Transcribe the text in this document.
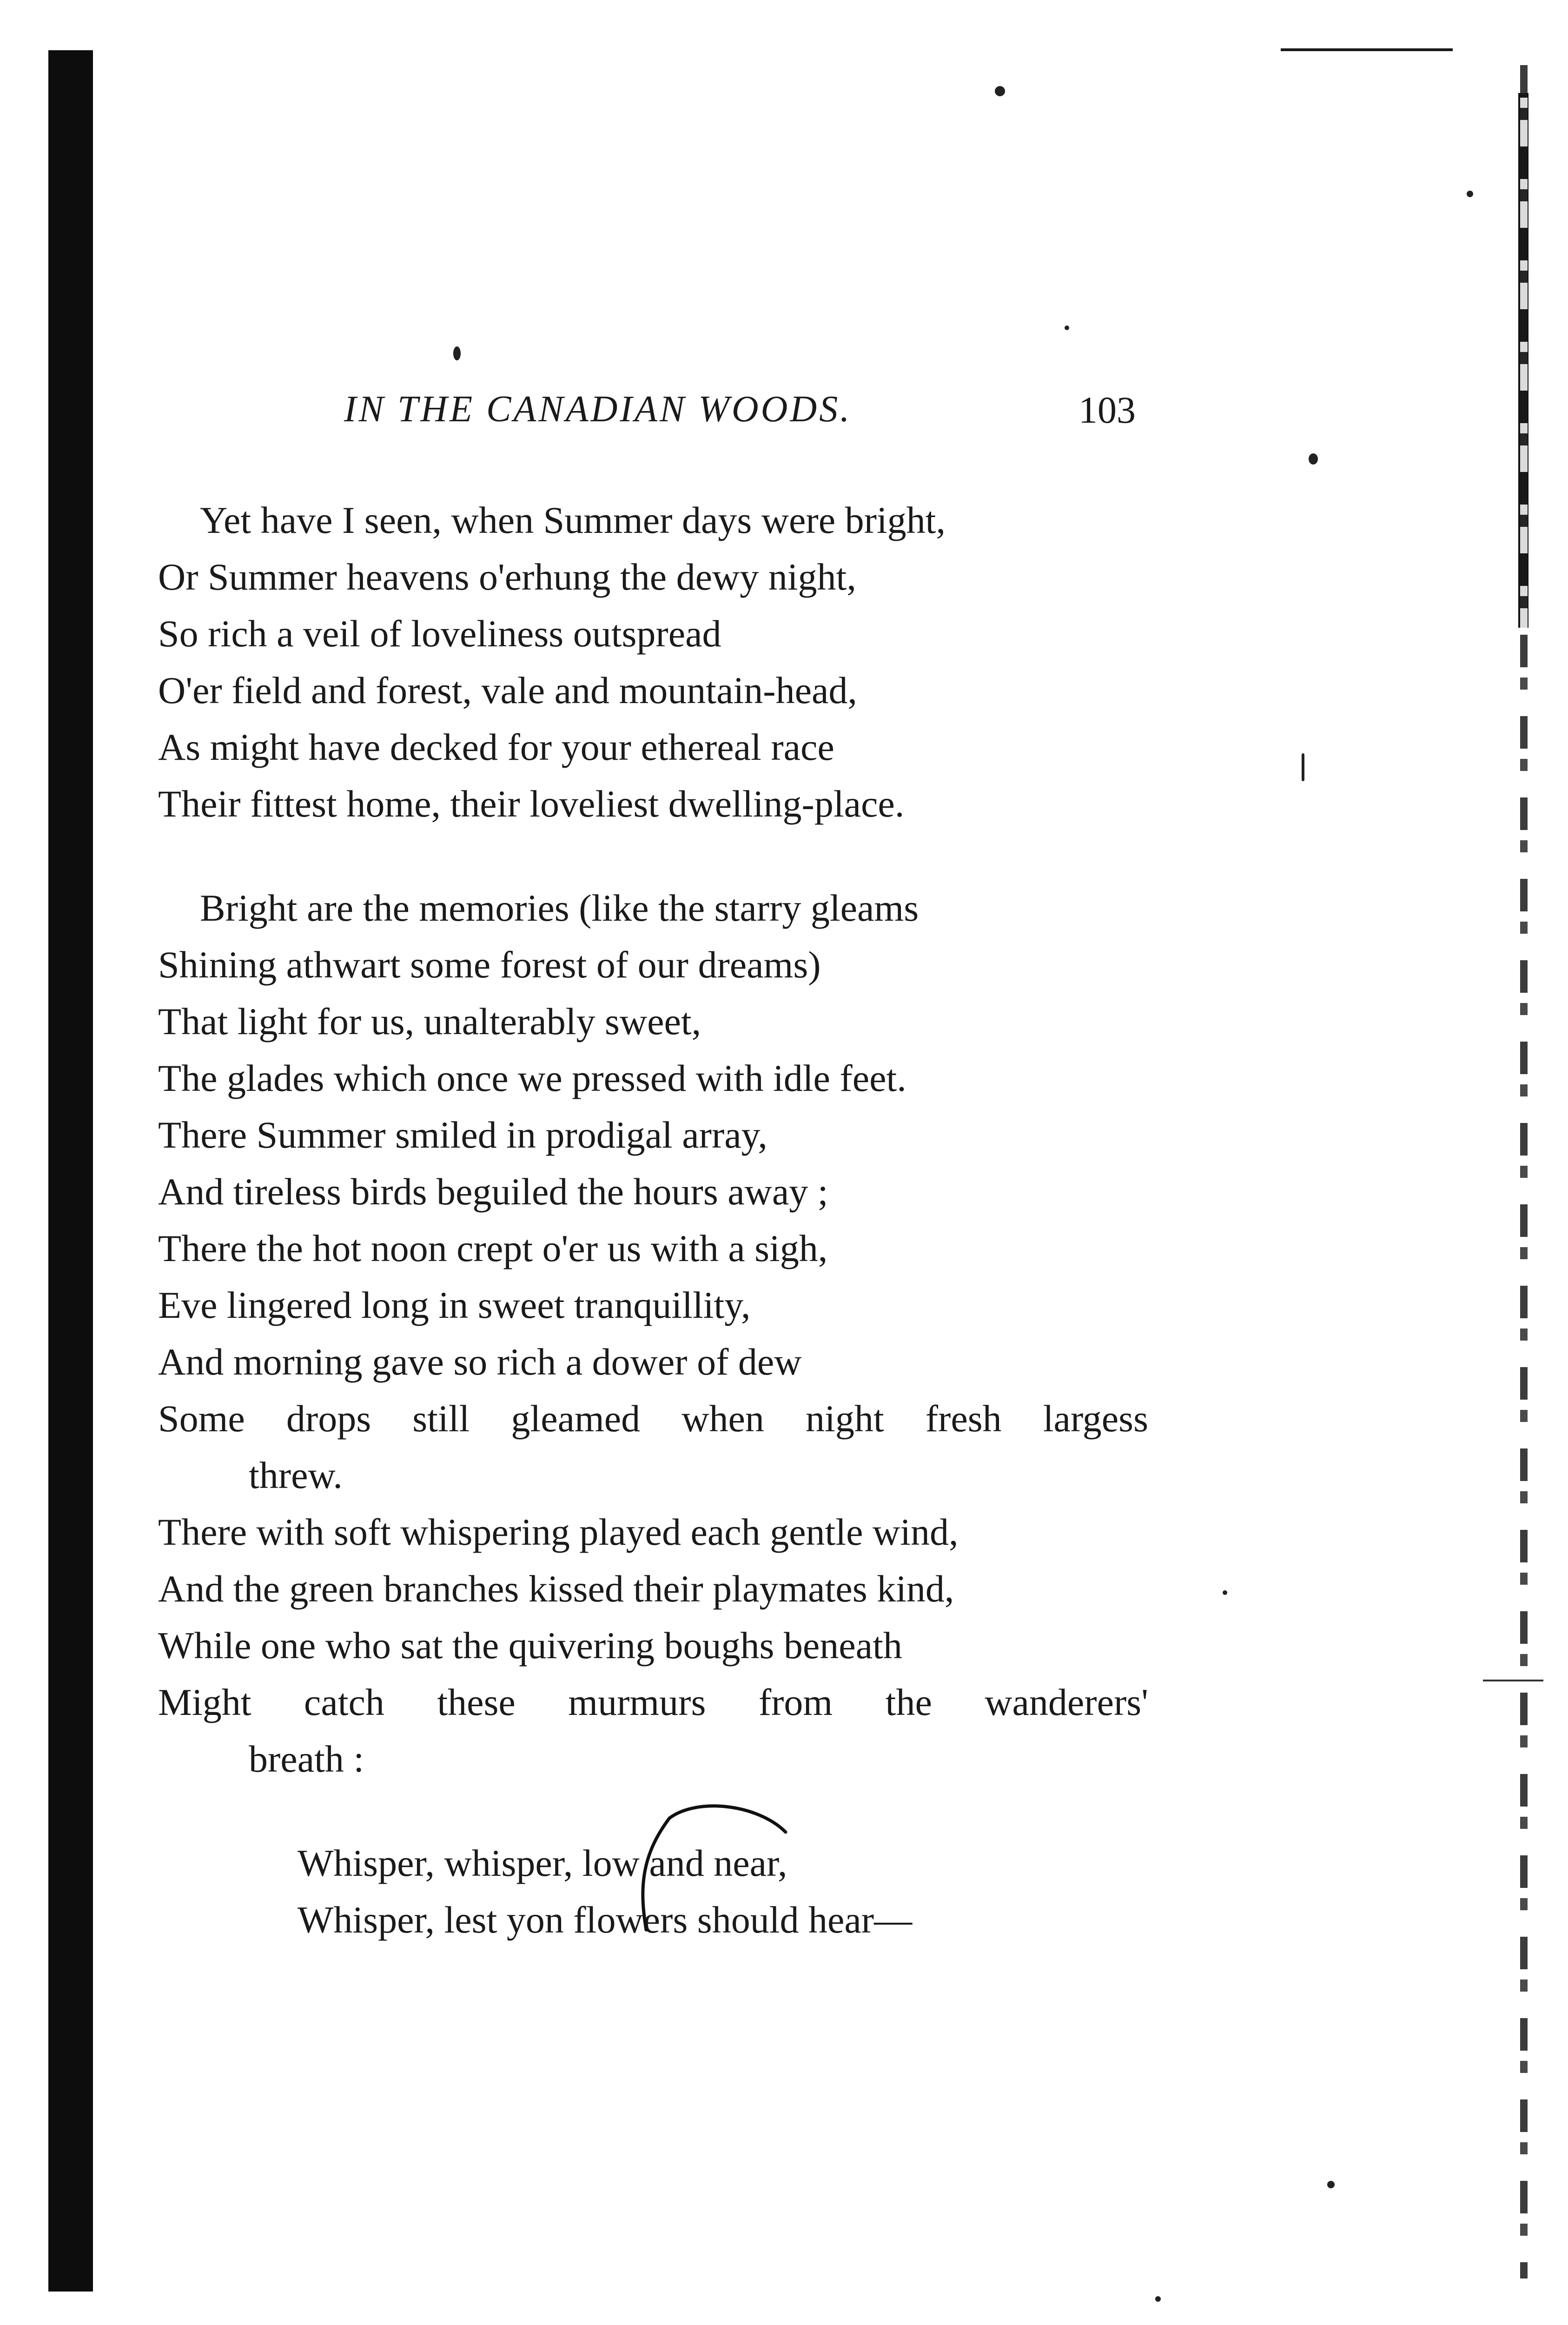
IN THE CANADIAN WOODS.	103
Yet have I seen, when Summer days were bright,
Or Summer heavens o'erhung the dewy night,
So rich a veil of loveliness outspread
O'er field and forest, vale and mountain-head,
As might have decked for your ethereal race
Their fittest home, their loveliest dwelling-place.
Bright are the memories (like the starry gleams
Shining athwart some forest of our dreams)
That light for us, unalterably sweet,
The glades which once we pressed with idle feet.
There Summer smiled in prodigal array,
And tireless birds beguiled the hours away ;
There the hot noon crept o'er us with a sigh,
Eve lingered long in sweet tranquillity,
And morning gave so rich a dower of dew
Some drops still gleamed when night fresh largess
threw.
There with soft whispering played each gentle wind,
And the green branches kissed their playmates kind,
While one who sat the quivering boughs beneath
Might catch these murmurs from the wanderers'
breath :
Whisper, whisper, low and near,
Whisper, lest yon flowers should hear—
